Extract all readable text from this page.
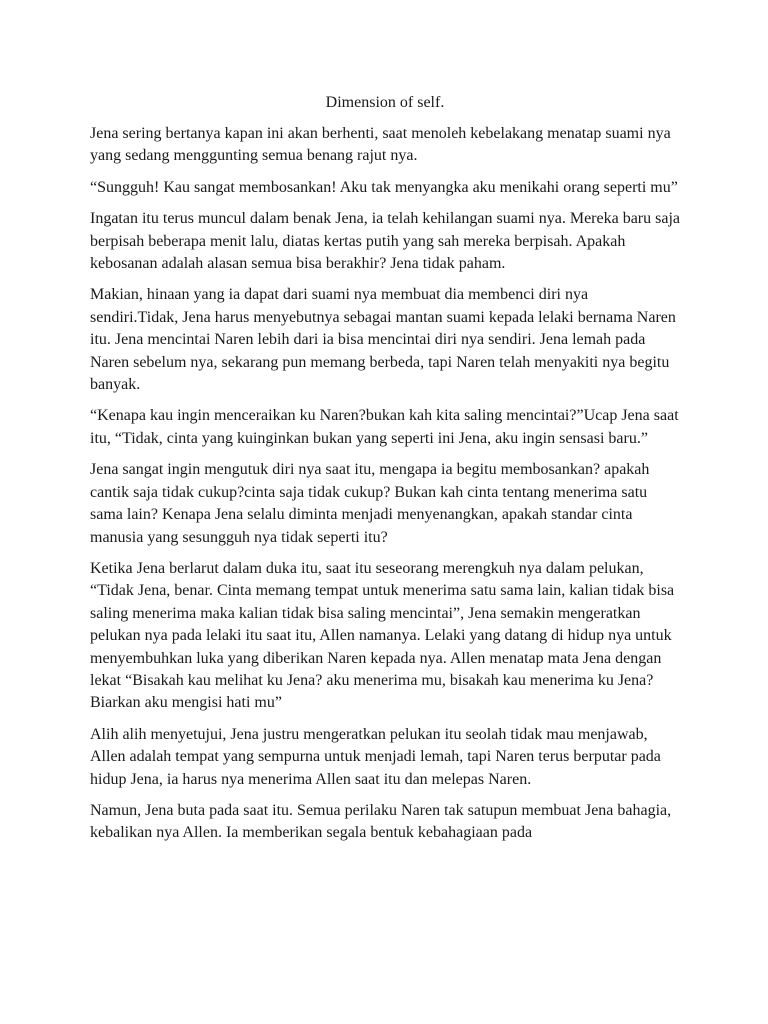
Dimension of self.

Jena sering bertanya kapan ini akan berhenti, saat menoleh kebelakang menatap suami nya yang sedang menggunting semua benang rajut nya.

“Sungguh! Kau sangat membosankan! Aku tak menyangka aku menikahi orang seperti mu”

Ingatan itu terus muncul dalam benak Jena, ia telah kehilangan suami nya. Mereka baru saja berpisah beberapa menit lalu, diatas kertas putih yang sah mereka berpisah. Apakah kebosanan adalah alasan semua bisa berakhir? Jena tidak paham.

Makian, hinaan yang ia dapat dari suami nya membuat dia membenci diri nya sendiri.Tidak, Jena harus menyebutnya sebagai mantan suami kepada lelaki bernama Naren itu. Jena mencintai Naren lebih dari ia bisa mencintai diri nya sendiri. Jena lemah pada Naren sebelum nya, sekarang pun memang berbeda, tapi Naren telah menyakiti nya begitu banyak.

“Kenapa kau ingin menceraikan ku Naren?bukan kah kita saling mencintai?”Ucap Jena saat itu, “Tidak, cinta yang kuinginkan bukan yang seperti ini Jena, aku ingin sensasi baru.”

Jena sangat ingin mengutuk diri nya saat itu, mengapa ia begitu membosankan? apakah cantik saja tidak cukup?cinta saja tidak cukup? Bukan kah cinta tentang menerima satu sama lain? Kenapa Jena selalu diminta menjadi menyenangkan, apakah standar cinta manusia yang sesungguh nya tidak seperti itu?

Ketika Jena berlarut dalam duka itu, saat itu seseorang merengkuh nya dalam pelukan, “Tidak Jena, benar. Cinta memang tempat untuk menerima satu sama lain, kalian tidak bisa saling menerima maka kalian tidak bisa saling mencintai”, Jena semakin mengeratkan pelukan nya pada lelaki itu saat itu, Allen namanya. Lelaki yang datang di hidup nya untuk menyembuhkan luka yang diberikan Naren kepada nya. Allen menatap mata Jena dengan lekat “Bisakah kau melihat ku Jena? aku menerima mu, bisakah kau menerima ku Jena? Biarkan aku mengisi hati mu”

Alih alih menyetujui, Jena justru mengeratkan pelukan itu seolah tidak mau menjawab, Allen adalah tempat yang sempurna untuk menjadi lemah, tapi Naren terus berputar pada hidup Jena, ia harus nya menerima Allen saat itu dan melepas Naren.

Namun, Jena buta pada saat itu. Semua perilaku Naren tak satupun membuat Jena bahagia, kebalikan nya Allen. Ia memberikan segala bentuk kebahagiaan pada
